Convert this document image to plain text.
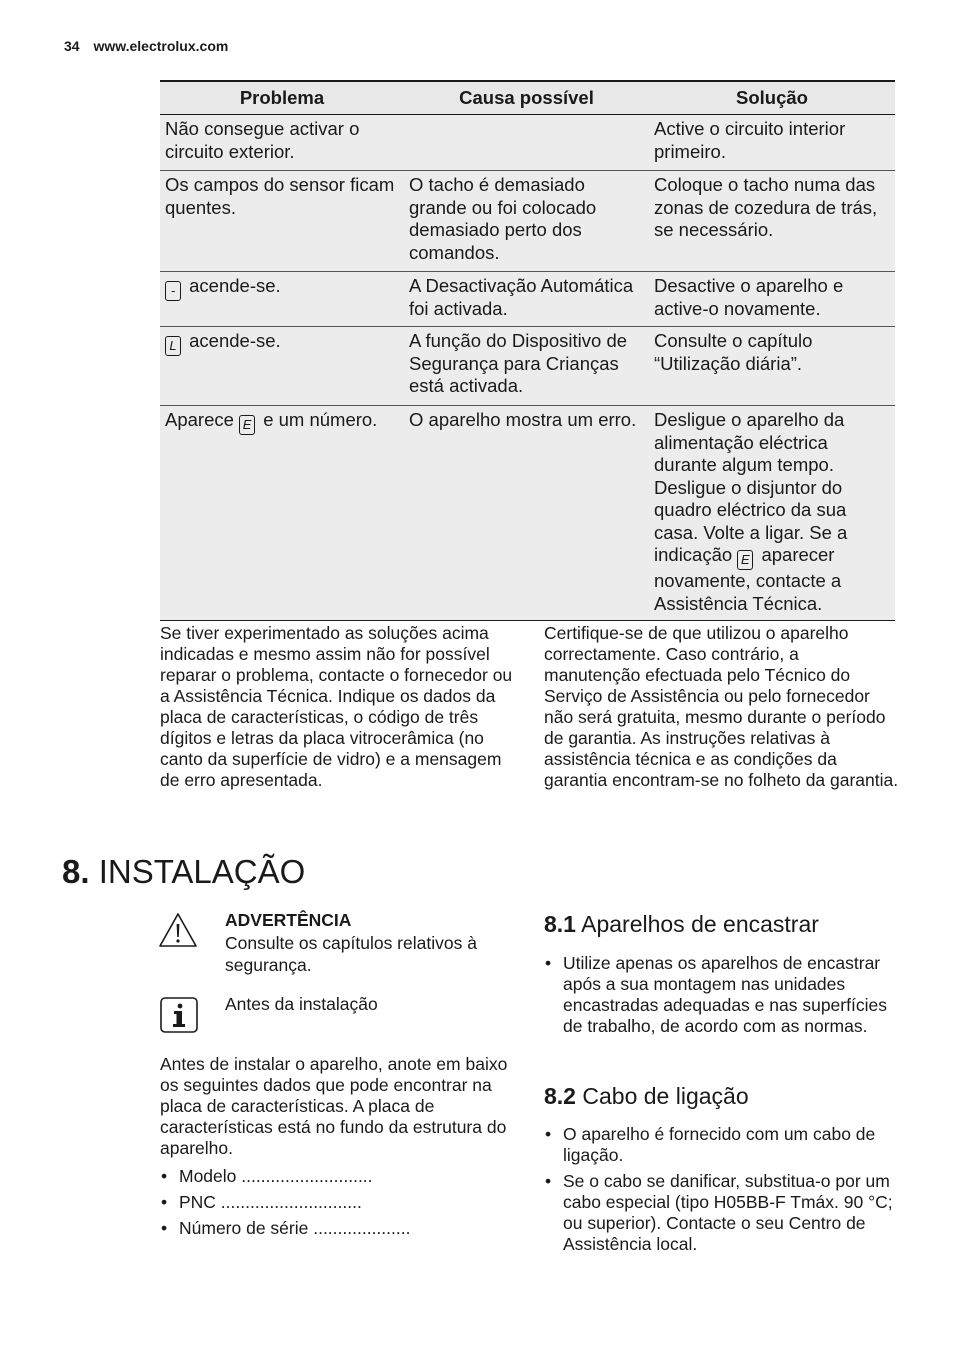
34 www.electrolux.com
Problema	Causa possível	Solução
Não consegue activar o circuito exterior.		Active o circuito interior primeiro.
Os campos do sensor ficam quentes.	O tacho é demasiado grande ou foi colocado demasiado perto dos comandos.	Coloque o tacho numa das zonas de cozedura de trás, se necessário.
- acende-se.	A Desactivação Automática foi activada.	Desactive o aparelho e active-o novamente.
L acende-se.	A função do Dispositivo de Segurança para Crianças está activada.	Consulte o capítulo “Utilização diária”.
Aparece E e um número.	O aparelho mostra um erro.	Desligue o aparelho da alimentação eléctrica durante algum tempo. Desligue o disjuntor do quadro eléctrico da sua casa. Volte a ligar. Se a indicação E aparecer novamente, contacte a Assistência Técnica.
Se tiver experimentado as soluções acima indicadas e mesmo assim não for possível reparar o problema, contacte o fornecedor ou a Assistência Técnica. Indique os dados da placa de características, o código de três dígitos e letras da placa vitrocerâmica (no canto da superfície de vidro) e a mensagem de erro apresentada.
Certifique-se de que utilizou o aparelho correctamente. Caso contrário, a manutenção efectuada pelo Técnico do Serviço de Assistência ou pelo fornecedor não será gratuita, mesmo durante o período de garantia. As instruções relativas à assistência técnica e as condições da garantia encontram-se no folheto da garantia.
8. INSTALAÇÃO
ADVERTÊNCIA
Consulte os capítulos relativos à segurança.
Antes da instalação
Antes de instalar o aparelho, anote em baixo os seguintes dados que pode encontrar na placa de características. A placa de características está no fundo da estrutura do aparelho.
• Modelo ...........................
• PNC .............................
• Número de série ....................
8.1 Aparelhos de encastrar
• Utilize apenas os aparelhos de encastrar após a sua montagem nas unidades encastradas adequadas e nas superfícies de trabalho, de acordo com as normas.
8.2 Cabo de ligação
• O aparelho é fornecido com um cabo de ligação.
• Se o cabo se danificar, substitua-o por um cabo especial (tipo H05BB-F Tmáx. 90 °C; ou superior). Contacte o seu Centro de Assistência local.
